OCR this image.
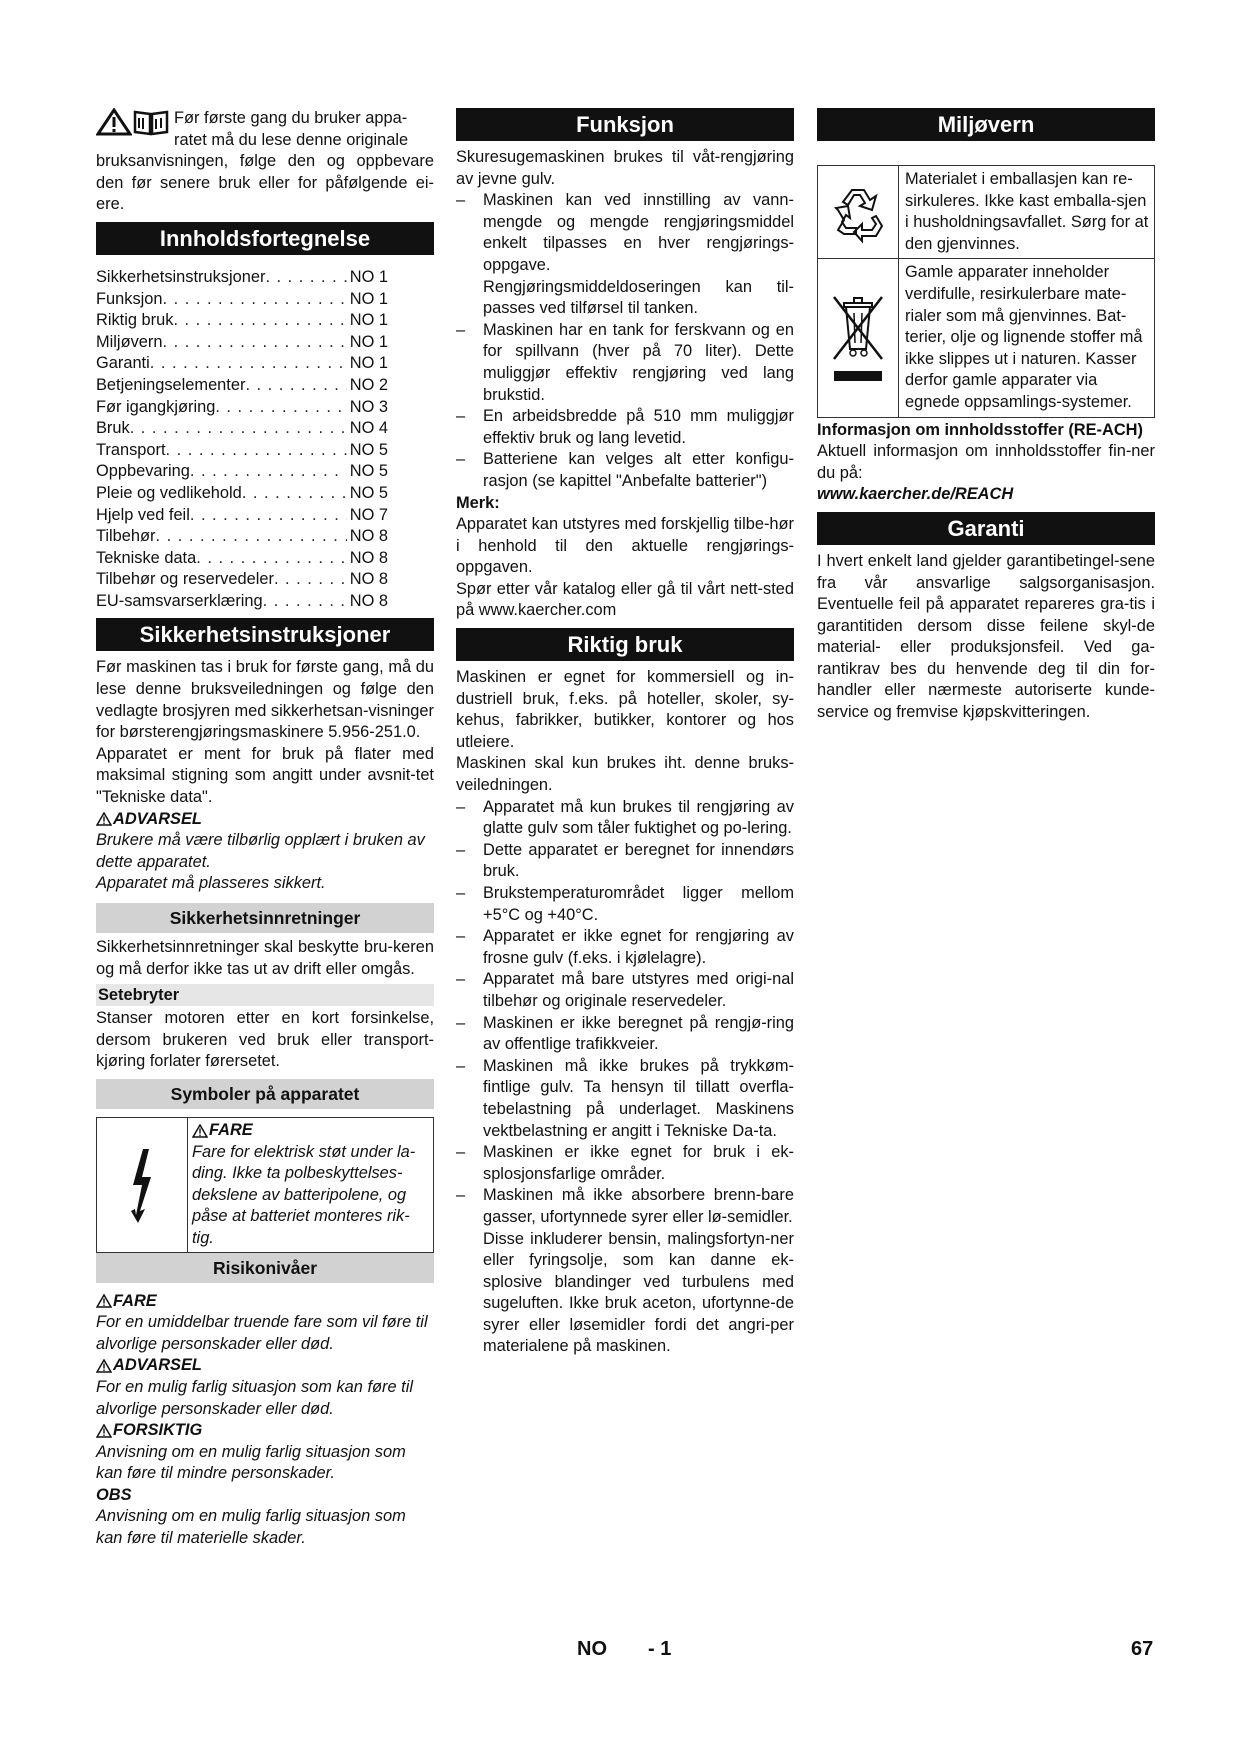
Før første gang du bruker appa-

ratet må du lese denne originale

bruksanvisningen, følge den og oppbevare den før senere bruk eller for påfølgende ei-ere.

Innholdsfortegnelse
Sikkerhetsinstruksjoner . . .	NO 1
Funksjon . . .	NO 1
Riktig bruk . . .	NO 1
Miljøvern . . .	NO 1
Garanti . . .	NO 1
Betjeningselementer . . .	NO 2
Før igangkjøring . . .	NO 3
Bruk . . .	NO 4
Transport . . .	NO 5
Oppbevaring . . .	NO 5
Pleie og vedlikehold . . .	NO 5
Hjelp ved feil . . .	NO 7
Tilbehør . . .	NO 8
Tekniske data . . .	NO 8
Tilbehør og reservedeler . . .	NO 8
EU-samsvarserklæring . . .	NO 8
Sikkerhetsinstruksjoner

Før maskinen tas i bruk for første gang, må du lese denne bruksveiledningen og følge den vedlagte brosjyren med sikkerhetsan-visninger for børsterengjøringsmaskinere 5.956-251.0.

Apparatet er ment for bruk på flater med maksimal stigning som angitt under avsnit-tet "Tekniske data".

ADVARSEL

Brukere må være tilbørlig opplært i bruken av dette apparatet.

Apparatet må plasseres sikkert.

Sikkerhetsinnretninger

Sikkerhetsinnretninger skal beskytte bru-keren og må derfor ikke tas ut av drift eller omgås.

Setebryter

Stanser motoren etter en kort forsinkelse, dersom brukeren ved bruk eller transport-kjøring forlater førersetet.

Symboler på apparatet
FARE

Fare for elektrisk støt under la-ding. Ikke ta polbeskyttelses-dekslene av batteripolene, og påse at batteriet monteres rik-tig.

Risikonivåer
FARE

For en umiddelbar truende fare som vil føre til alvorlige personskader eller død.

ADVARSEL

For en mulig farlig situasjon som kan føre til alvorlige personskader eller død.

FORSIKTIG

Anvisning om en mulig farlig situasjon som kan føre til mindre personskader.

OBS

Anvisning om en mulig farlig situasjon som kan føre til materielle skader.

Funksjon

Skuresugemaskinen brukes til våt-rengjøring av jevne gulv.

– Maskinen kan ved innstilling av vann-mengde og mengde rengjøringsmiddel enkelt tilpasses en hver rengjørings-oppgave.
Rengjøringsmiddeldoseringen kan til-passes ved tilførsel til tanken.
– Maskinen har en tank for ferskvann og en for spillvann (hver på 70 liter). Dette muliggjør effektiv rengjøring ved lang brukstid.
– En arbeidsbredde på 510 mm muliggjør effektiv bruk og lang levetid.
– Batteriene kan velges alt etter konfigu-rasjon (se kapittel "Anbefalte batterier")

Merk:

Apparatet kan utstyres med forskjellig tilbe-hør i henhold til den aktuelle rengjørings-oppgaven.

Spør etter vår katalog eller gå til vårt nett-sted på www.kaercher.com

Riktig bruk

Maskinen er egnet for kommersiell og in-dustriell bruk, f.eks. på hoteller, skoler, sy-kehus, fabrikker, butikker, kontorer og hos utleiere.

Maskinen skal kun brukes iht. denne bruks-veiledningen.

– Apparatet må kun brukes til rengjøring av glatte gulv som tåler fuktighet og po-lering.
– Dette apparatet er beregnet for innendørs bruk.
– Brukstemperaturområdet ligger mellom +5°C og +40°C.
– Apparatet er ikke egnet for rengjøring av frosne gulv (f.eks. i kjølelagre).
– Apparatet må bare utstyres med origi-nal tilbehør og originale reservedeler.
– Maskinen er ikke beregnet på rengjø-ring av offentlige trafikkveier.
– Maskinen må ikke brukes på trykkøm-fintlige gulv. Ta hensyn til tillatt overfla-tebelastning på underlaget. Maskinens vektbelastning er angitt i Tekniske Da-ta.
– Maskinen er ikke egnet for bruk i ek-splosjonsfarlige områder.
– Maskinen må ikke absorbere brenn-bare gasser, ufortynnede syrer eller lø-semidler.
Disse inkluderer bensin, malingsfortyn-ner eller fyringsolje, som kan danne ek-splosive blandinger ved turbulens med sugeluften. Ikke bruk aceton, ufortynne-de syrer eller løsemidler fordi det angri-per materialene på maskinen.
Miljøvern
Materialet i emballasjen kan re-sirkuleres. Ikke kast emballa-sjen i husholdningsavfallet. Sørg for at den gjenvinnes.
Gamle apparater inneholder verdifulle, resirkulerbare mate-rialer som må gjenvinnes. Bat-terier, olje og lignende stoffer må ikke slippes ut i naturen. Kasser derfor gamle apparater via egnede oppsamlings-systemer.

Informasjon om innholdsstoffer (RE-ACH)

Aktuell informasjon om innholdsstoffer fin-ner du på:

www.kaercher.de/REACH

Garanti

I hvert enkelt land gjelder garantibetingel-sene fra vår ansvarlige salgsorganisasjon. Eventuelle feil på apparatet repareres gra-tis i garantitiden dersom disse feilene skyl-de material- eller produksjonsfeil. Ved ga-rantikrav bes du henvende deg til din for-handler eller nærmeste autoriserte kunde-service og fremvise kjøpskvitteringen.

NO - 1	67
